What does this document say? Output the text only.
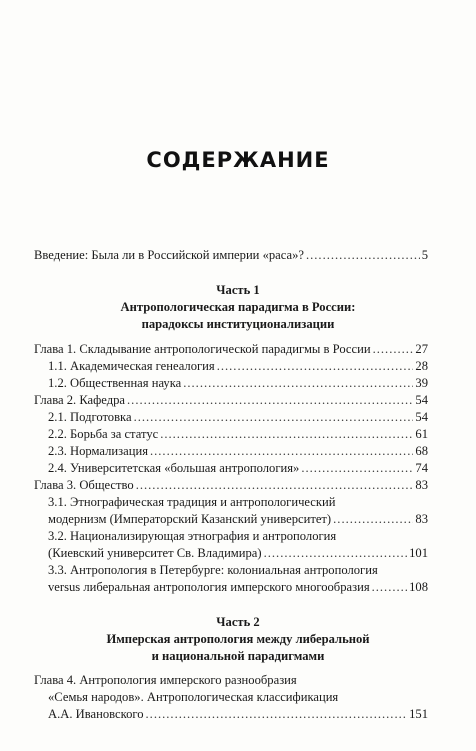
СОДЕРЖАНИЕ
Введение: Была ли в Российской империи «раса»? .....	5
Часть 1
Антропологическая парадигма в России:
парадоксы институционализации
Глава 1. Складывание антропологической парадигмы в России .....	27
1.1. Академическая генеалогия .....	28
1.2. Общественная наука .....	39
Глава 2. Кафедра .....	54
2.1. Подготовка .....	54
2.2. Борьба за статус .....	61
2.3. Нормализация .....	68
2.4. Университетская «большая антропология» .....	74
Глава 3. Общество .....	83
3.1. Этнографическая традиция и антропологический
модернизм (Императорский Казанский университет) .....	83
3.2. Национализирующая этнография и антропология
(Киевский университет Св. Владимира) .....	101
3.3. Антропология в Петербурге: колониальная антропология
versus либеральная антропология имперского многообразия .....	108
Часть 2
Имперская антропология между либеральной
и национальной парадигмами
Глава 4. Антропология имперского разнообразия
«Семья народов». Антропологическая классификация
А.А. Ивановского .....	151
